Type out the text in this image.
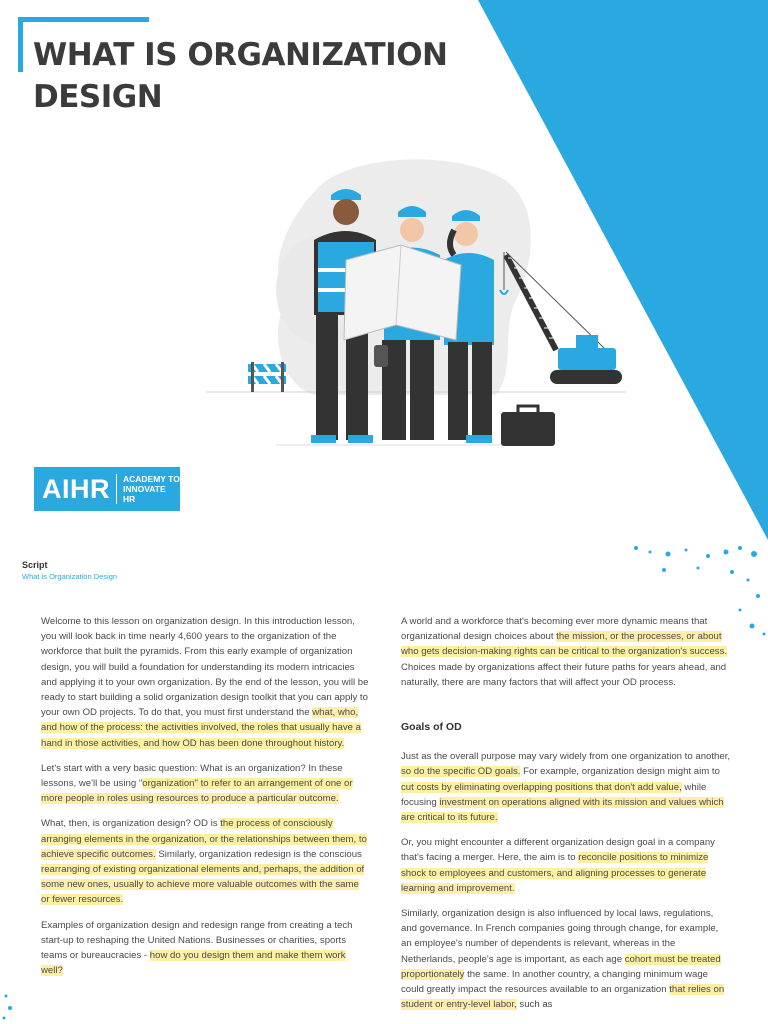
WHAT IS ORGANIZATION DESIGN
AIHR ACADEMY TO
INNOVATE HR
Script
What is Organization Design

Welcome to this lesson on organization design. In this introduction lesson, you will look back in time nearly 4,600 years to the organization of the workforce that built the pyramids. From this early example of organization design, you will build a foundation for understanding its modern intricacies and applying it to your own organization. By the end of the lesson, you will be ready to start building a solid organization design toolkit that you can apply to your own OD projects. To do that, you must first understand the what, who, and how of the process: the activities involved, the roles that usually have a hand in those activities, and how OD has been done throughout history.

Let's start with a very basic question: What is an organization? In these lessons, we'll be using "organization" to refer to an arrangement of one or more people in roles using resources to produce a particular outcome.

What, then, is organization design? OD is the process of consciously arranging elements in the organization, or the relationships between them, to achieve specific outcomes. Similarly, organization redesign is the conscious rearranging of existing organizational elements and, perhaps, the addition of some new ones, usually to achieve more valuable outcomes with the same or fewer resources.

Examples of organization design and redesign range from creating a tech start-up to reshaping the United Nations. Businesses or charities, sports teams or bureaucracies - how do you design them and make them work well?

A world and a workforce that's becoming ever more dynamic means that organizational design choices about the mission, or the processes, or about who gets decision-making rights can be critical to the organization's success. Choices made by organizations affect their future paths for years ahead, and naturally, there are many factors that will affect your OD process.

Goals of OD

Just as the overall purpose may vary widely from one organization to another, so do the specific OD goals. For example, organization design might aim to cut costs by eliminating overlapping positions that don't add value, while focusing investment on operations aligned with its mission and values which are critical to its future.

Or, you might encounter a different organization design goal in a company that's facing a merger. Here, the aim is to reconcile positions to minimize shock to employees and customers, and aligning processes to generate learning and improvement.

Similarly, organization design is also influenced by local laws, regulations, and governance. In French companies going through change, for example, an employee's number of dependents is relevant, whereas in the Netherlands, people's age is important, as each age cohort must be treated proportionately the same. In another country, a changing minimum wage could greatly impact the resources available to an organization that relies on student or entry-level labor, such as
